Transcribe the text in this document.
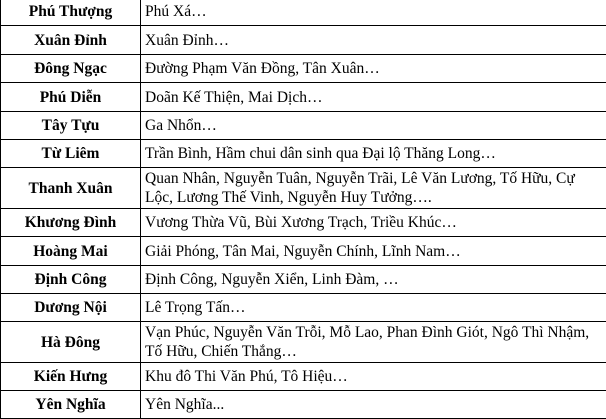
Phú Thượng	Phú Xá…
Xuân Đỉnh	Xuân Đỉnh…
Đông Ngạc	Đường Phạm Văn Đồng, Tân Xuân…
Phú Diễn	Doãn Kế Thiện, Mai Dịch…
Tây Tựu	Ga Nhổn…
Từ Liêm	Trần Bình, Hầm chui dân sinh qua Đại lộ Thăng Long…
Thanh Xuân	Quan Nhân, Nguyễn Tuân, Nguyễn Trãi, Lê Văn Lương, Tố Hữu, Cự Lộc, Lương Thế Vinh, Nguyễn Huy Tưởng….
Khương Đình	Vương Thừa Vũ, Bùi Xương Trạch, Triều Khúc…
Hoàng Mai	Giải Phóng, Tân Mai, Nguyễn Chính, Lĩnh Nam…
Định Công	Định Công, Nguyễn Xiển, Linh Đàm, …
Dương Nội	Lê Trọng Tấn…
Hà Đông	Vạn Phúc, Nguyễn Văn Trỗi, Mỗ Lao, Phan Đình Giót, Ngô Thì Nhậm, Tố Hữu, Chiến Thắng…
Kiến Hưng	Khu đô Thi Văn Phú, Tô Hiệu…
Yên Nghĩa	Yên Nghĩa...
